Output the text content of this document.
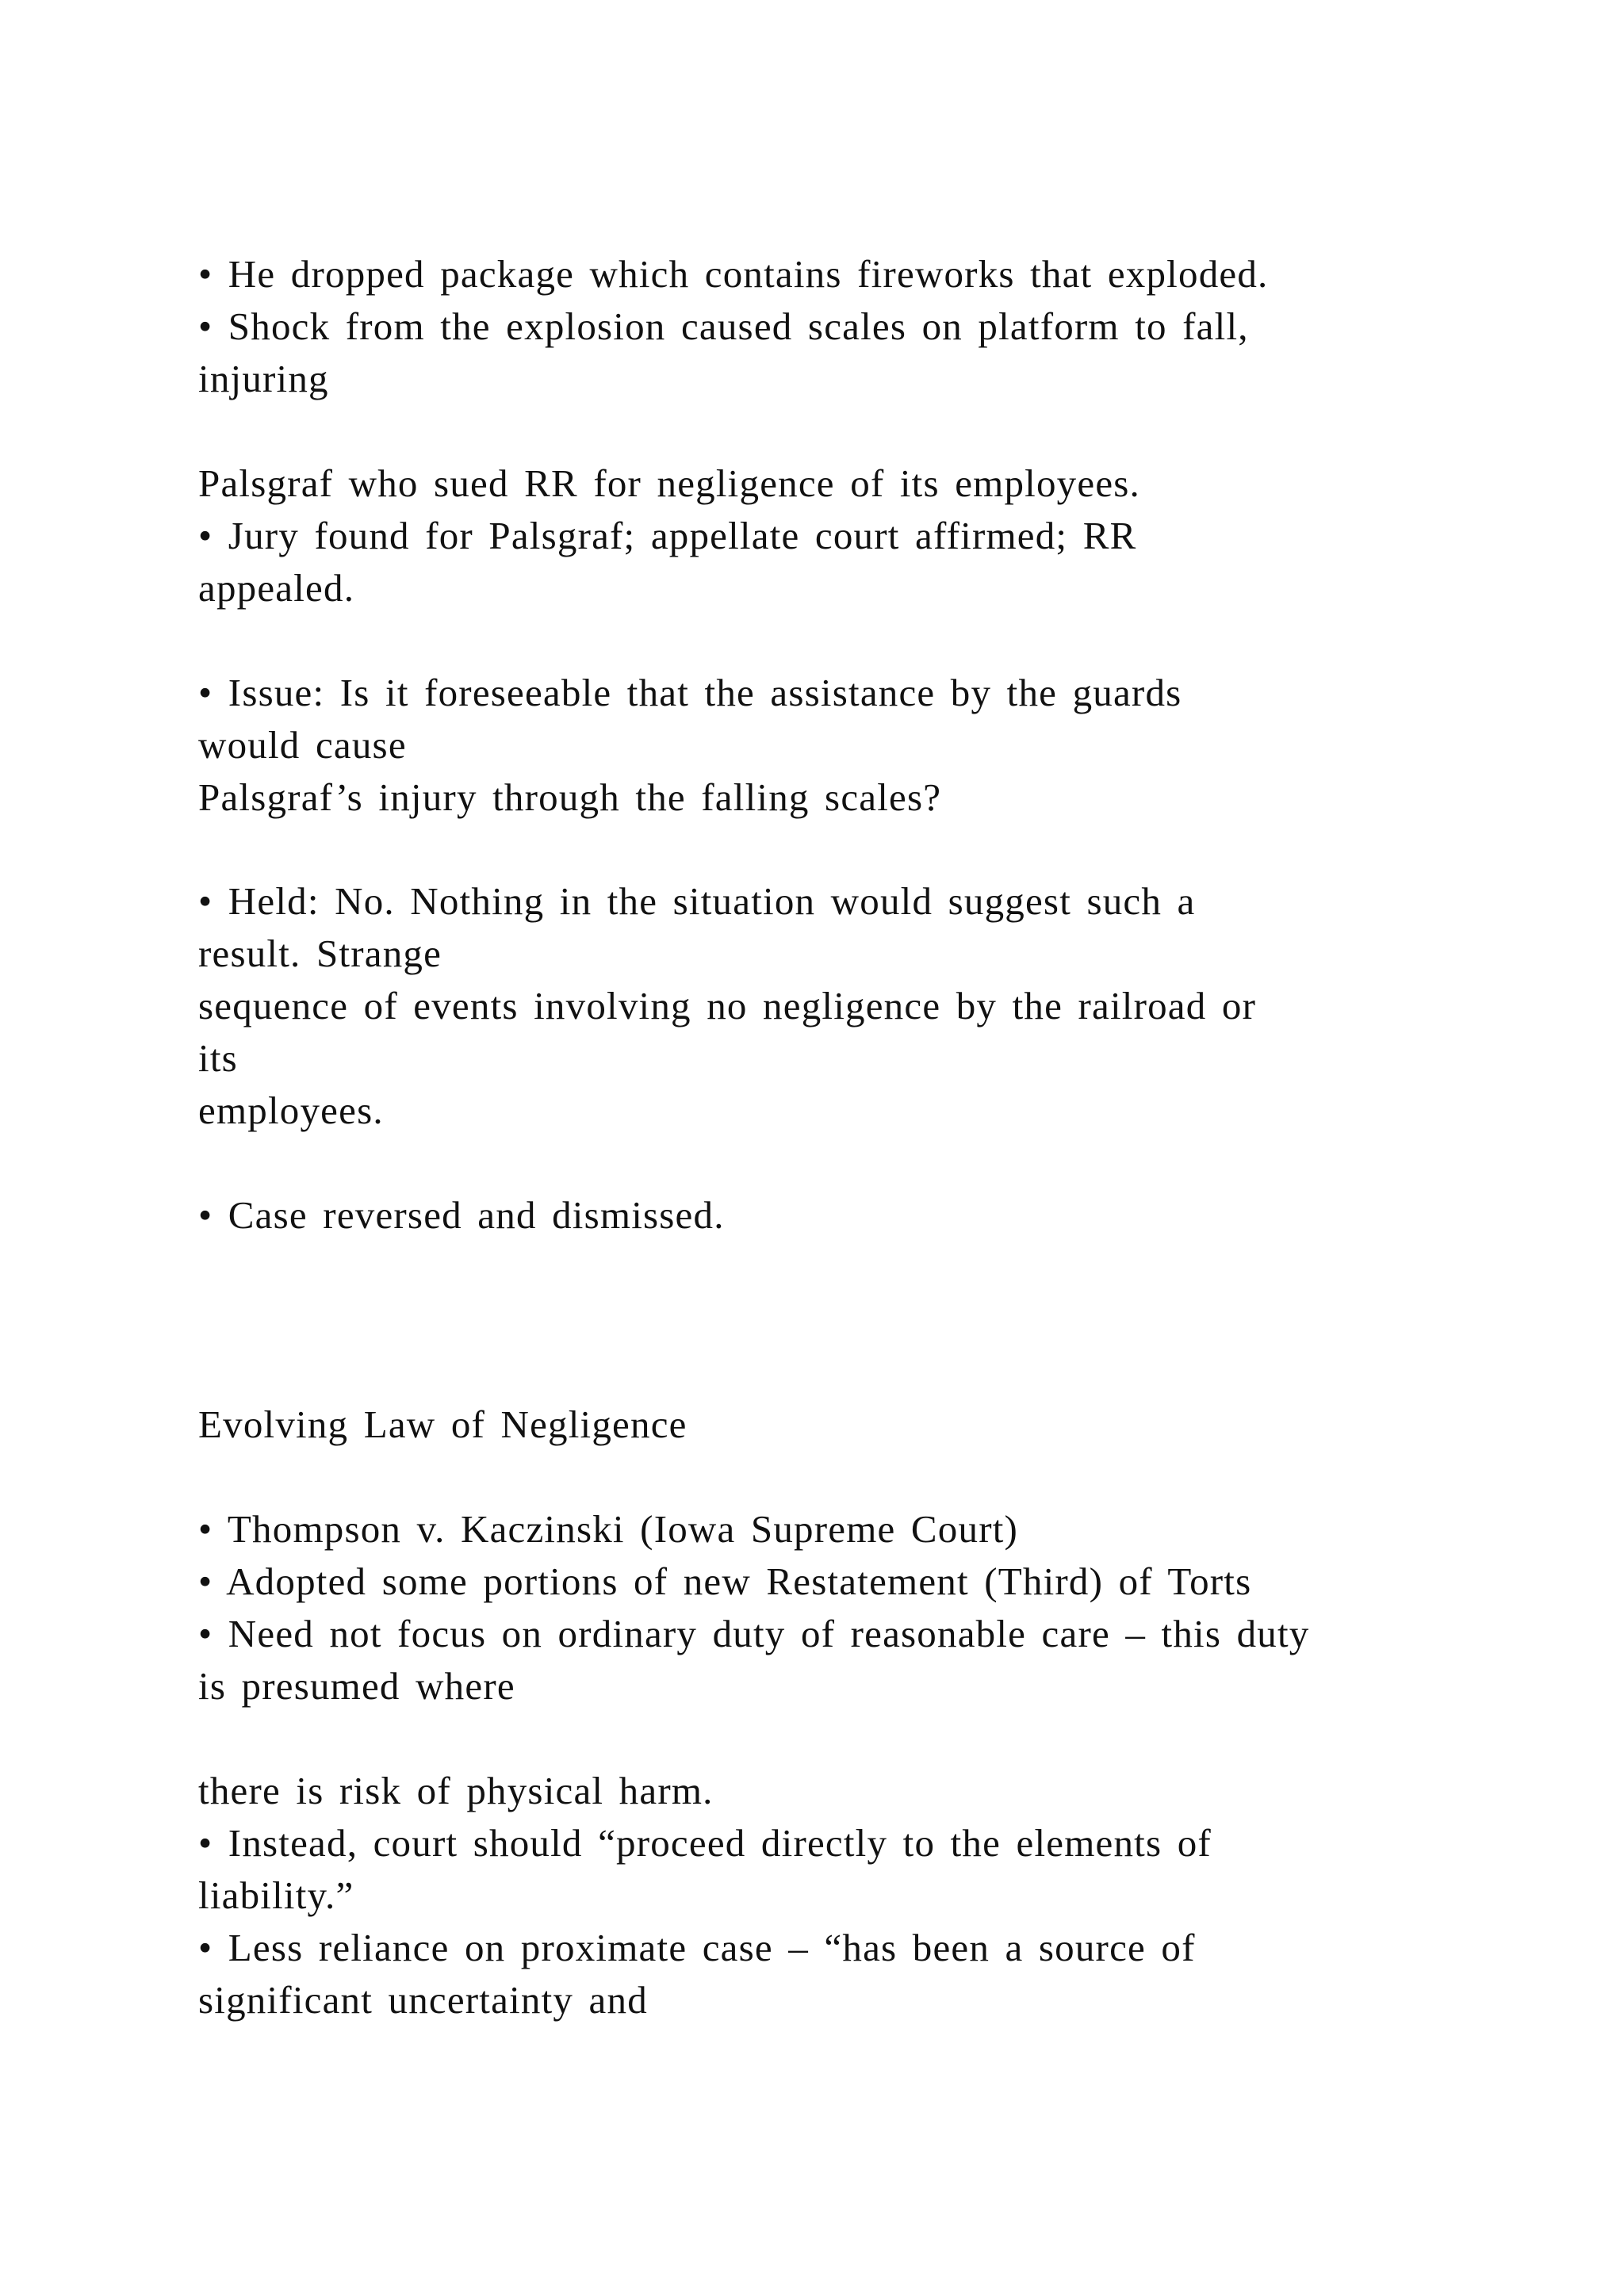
• He dropped package which contains fireworks that exploded.

• Shock from the explosion caused scales on platform to fall,

injuring

Palsgraf who sued RR for negligence of its employees.

• Jury found for Palsgraf; appellate court affirmed; RR

appealed.

• Issue: Is it foreseeable that the assistance by the guards

would cause

Palsgraf’s injury through the falling scales?

• Held: No. Nothing in the situation would suggest such a

result. Strange

sequence of events involving no negligence by the railroad or

its

employees.

• Case reversed and dismissed.

Evolving Law of Negligence

• Thompson v. Kaczinski (Iowa Supreme Court)

• Adopted some portions of new Restatement (Third) of Torts

• Need not focus on ordinary duty of reasonable care – this duty

is presumed where

there is risk of physical harm.

• Instead, court should “proceed directly to the elements of

liability.”

• Less reliance on proximate case – “has been a source of

significant uncertainty and
